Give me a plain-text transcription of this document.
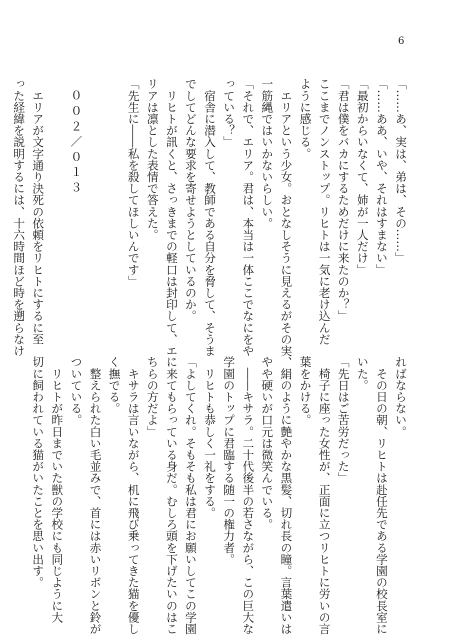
6
「……あ、実は、弟は、その……」
「……ああ、いや、それはすまない」
「最初からいなくて、姉が一人だけ」
「君は僕をバカにするためだけに来たのか？」
ここまでノンストップ。リヒトは一気に老け込んだ
ように感じる。
　エリアという少女。おとなしそうに見えるがその実、
一筋縄ではいかないらしい。
「それで、エリア。君は、本当は一体ここでなにをや
っている？」
　宿舎に潜入して、教師である自分を脅して、そうま
でしてどんな要求を寄せようとしているのか。
　リヒトが訊くと、さっきまでの軽口は封印して、エ
リアは凛とした表情で答えた。
「先生に――私を殺してほしいんです」

　０ ０ ２ ／ ０ １ ３

　エリアが文字通り決死の依頼をリヒトにするに至
った経緯を説明するには、十六時間ほど時を遡らなけ
ればならない。
　その日の朝、リヒトは赴任先である学園の校長室に
いた。
「先日はご苦労だった」
　椅子に座った女性が、正面に立つリヒトに労いの言
葉をかける。
　絹のように艶やかな黒髪、切れ長の瞳。言葉遣いは
やや硬いが口元は微笑んでいる。
　――キサラ。二十代後半の若さながら、この巨大な
学園のトップに君臨する随一の権力者。
　リヒトも恭しく一礼をする。
「よしてくれ。そもそも私は君にお願いしてこの学園
に来てもらっている身だ。むしろ頭を下げたいのはこ
ちらの方だよ」
　キサラは言いながら、机に飛び乗ってきた猫を優し
く撫でる。
　整えられた白い毛並みで、首には赤いリボンと鈴が
ついている。
　リヒトが昨日までいた獣の学校にも同じように大
切に飼われている猫がいたことを思い出す。
